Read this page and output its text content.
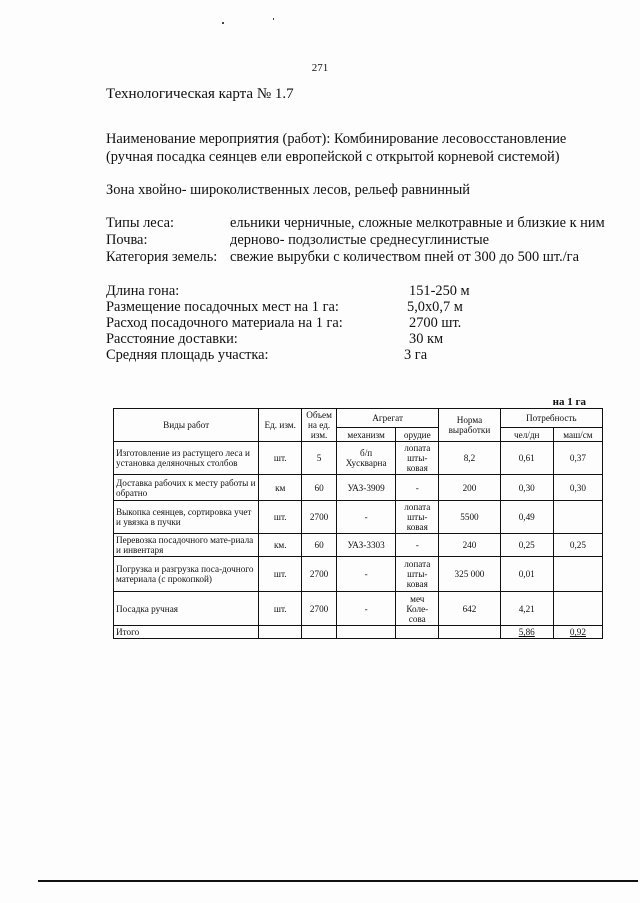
271
Технологическая карта № 1.7
Наименование мероприятия (работ): Комбинирование лесовосстановление
(ручная посадка сеянцев ели европейской с открытой корневой системой)
Зона хвойно- широколиственных лесов, рельеф равнинный
Типы леса:	ельники черничные, сложные мелкотравные и близкие к ним
Почва:	дерново- подзолистые среднесуглинистые
Категория земель: свежие вырубки с количеством пней от 300 до 500 шт./га
Длина гона:	151-250 м
Размещение посадочных мест на 1 га:	5,0х0,7 м
Расход посадочного материала на 1 га:	2700 шт.
Расстояние доставки:	30 км
Средняя площадь участка:	3 га
на 1 га
Виды работ	Ед. изм.	Объем на ед. изм.	Агрегат		Норма выработки	Потребность	
			механизм	орудие		чел/дн	маш/см
Изготовление из растущего леса и установка деляночных столбов	шт.	5	б/п Хускварна	лопата шты-ковая	8,2	0,61	0,37
Доставка рабочих к месту работы и обратно	км	60	УАЗ-3909	-	200	0,30	0,30
Выкопка сеянцев, сортировка учет и увязка в пучки	шт.	2700	-	лопата шты-ковая	5500	0,49	
Перевозка посадочного мате-риала и инвентаря	км.	60	УАЗ-3303	-	240	0,25	0,25
Погрузка и разгрузка поса-дочного материала (с прокопкой)	шт.	2700	-	лопата шты-ковая	325 000	0,01	
Посадка ручная	шт.	2700	-	меч Коле-сова	642	4,21	
Итого						5,86	0,92
